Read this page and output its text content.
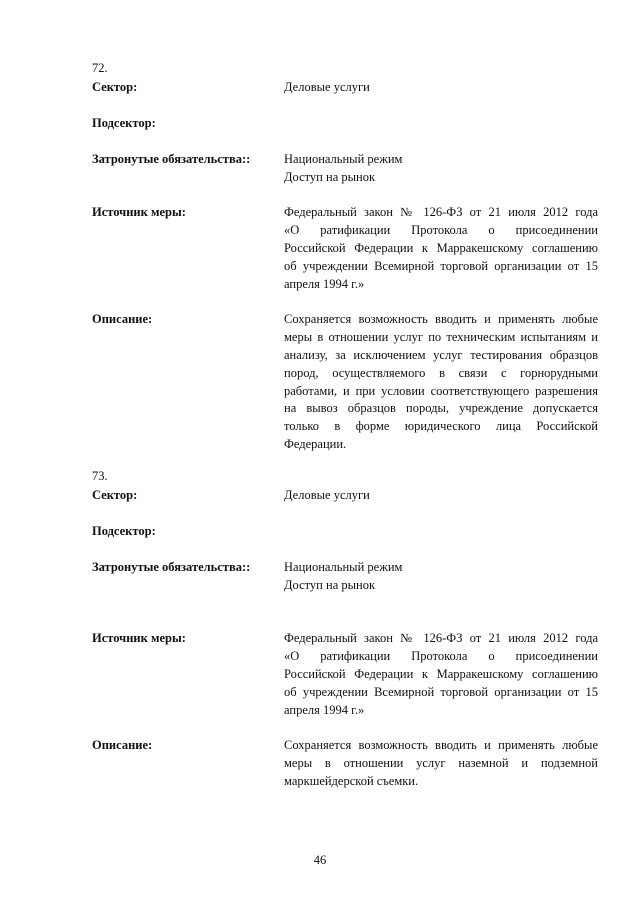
72.
Сектор:	Деловые услуги
Подсектор:
Затронутые обязательства::	Национальный режим
Доступ на рынок
Источник меры:	Федеральный закон № 126-ФЗ от 21 июля 2012 года
«О ратификации Протокола о присоединении
Российской Федерации к Марракешскому соглашению
об учреждении Всемирной торговой организации от 15
апреля 1994 г.»
Описание:	Сохраняется возможность вводить и применять любые
меры в отношении услуг по техническим испытаниям и
анализу, за исключением услуг тестирования образцов
пород, осуществляемого в связи с горнорудными
работами, и при условии соответствующего разрешения
на вывоз образцов породы, учреждение допускается
только в форме юридического лица Российской
Федерации.
73.
Сектор:	Деловые услуги
Подсектор:
Затронутые обязательства::	Национальный режим
Доступ на рынок
Источник меры:	Федеральный закон № 126-ФЗ от 21 июля 2012 года
«О ратификации Протокола о присоединении
Российской Федерации к Марракешскому соглашению
об учреждении Всемирной торговой организации от 15
апреля 1994 г.»
Описание:	Сохраняется возможность вводить и применять любые
меры в отношении услуг наземной и подземной
маркшейдерской съемки.
46
